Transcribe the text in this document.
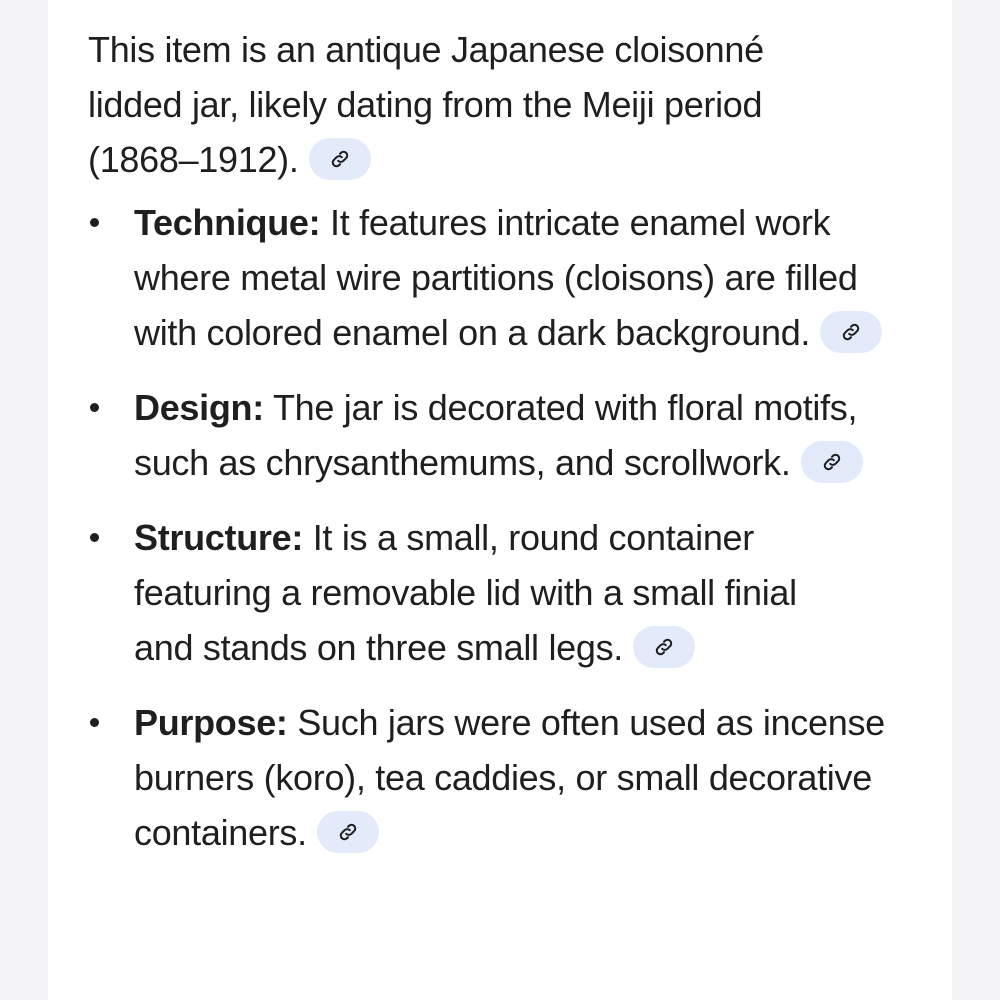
This item is an antique Japanese cloisonné lidded jar, likely dating from the Meiji period (1868–1912).

Technique: It features intricate enamel work where metal wire partitions (cloisons) are filled with colored enamel on a dark background.
Design: The jar is decorated with floral motifs, such as chrysanthemums, and scrollwork.
Structure: It is a small, round container featuring a removable lid with a small finial and stands on three small legs.
Purpose: Such jars were often used as incense burners (koro), tea caddies, or small decorative containers.
